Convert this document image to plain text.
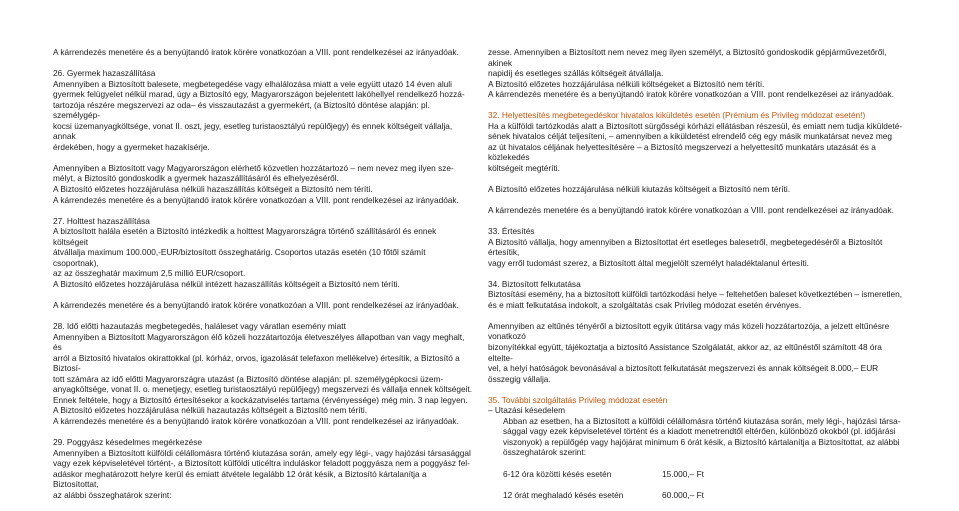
A kárrendezés menetére és a benyújtandó iratok körére vonatkozóan a VIII. pont rendelkezései az irányadóak.

26. Gyermek hazaszállítása

Amennyiben a Biztosított balesete, megbetegedése vagy elhalálozása miatt a vele együtt utazó 14 éven aluli
gyermek felügyelet nélkül marad, úgy a Biztosító egy, Magyarországon bejelentett lakóhellyel rendelkező hozzá-
tartozója részére megszervezi az oda– és visszautazást a gyermekért, (a Biztosító döntése alapján: pl. személygép-
kocsi üzemanyagköltsége, vonat II. oszt, jegy, esetleg turistaosztályú repülőjegy) és ennek költségeit vállalja, annak
érdekében, hogy a gyermeket hazakísérje.

Amennyiben a Biztosított vagy Magyarországon elérhető közvetlen hozzátartozó – nem nevez meg ilyen sze-
mélyt, a Biztosító gondoskodik a gyermek hazaszállításáról és elhelyezéséről.
A Biztosító előzetes hozzájárulása nélküli hazaszállítás költségeit a Biztosító nem téríti.
A kárrendezés menetére és a benyújtandó iratok körére vonatkozóan a VIII. pont rendelkezései az irányadóak.

27. Holttest hazaszállítása

A biztosított halála esetén a Biztosító intézkedik a holttest Magyarországra történő szállításáról és ennek költségeit
átvállalja maximum 100.000,-EUR/biztosított összeghatárig. Csoportos utazás esetén (10 főtől számít csoportnak),
az az összeghatár maximum 2,5 millió EUR/csoport.
A Biztosító előzetes hozzájárulása nélkül intézett hazaszállítás költségeit a Biztosító nem téríti.

A kárrendezés menetére és a benyújtandó iratok körére vonatkozóan a VIII. pont rendelkezései az irányadóak.

28. Idő előtti hazautazás megbetegedés, haláleset vagy váratlan esemény miatt

Amennyiben a Biztosított Magyarországon élő közeli hozzátartozója életveszélyes állapotban van vagy meghalt, és
arról a Biztosító hivatalos okirattokkal (pl. kórház, orvos, igazolását telefaxon mellékelve) értesítik, a Biztosító a Biztosí-
tott számára az idő előtti Magyarországra utazást (a Biztosító döntése alapján: pl. személygépkocsi üzem-
anyagköltsége, vonat II. o. menetjegy, esetleg turistaosztályú repülőjegy) megszervezi és vállalja ennek költségeit.
Ennek feltétele, hogy a Biztosító értesítésekor a kockázatviselés tartama (érvényessége) még min. 3 nap legyen.
A Biztosító előzetes hozzájárulása nélküli hazautazás költségeit a Biztosító nem téríti.
A kárrendezés menetére és a benyújtandó iratok körére vonatkozóan a VIII. pont rendelkezései az irányadóak.

29. Poggyász késedelmes megérkezése

Amennyiben a Biztosított külföldi célállomásra történő kiutazása során, amely egy légi-, vagy hajózási társasággal
vagy ezek képviseletével történt-, a Biztosított külföldi uticéltra induláskor feladott poggyásza nem a poggyász fel-
adáskor meghatározott helyre kerül és emiatt átvétele legalább 12 órát késik, a Biztosító kártalanítja a Biztosítottat,
az alábbi összeghatárok szerint:

zesse. Amennyiben a Biztosított nem nevez meg ilyen személyt, a Biztosító gondoskodik gépjárművezetőről, akinek
napidíj és esetleges szállás költségeit átvállalja.
A Biztosító előzetes hozzájárulása nélküli költségeket a Biztosító nem téríti.
A kárrendezés menetére és a benyújtandó iratok körére vonatkozóan a VIII. pont rendelkezései az irányadóak.

32. Helyettesítés megbetegedéskor hivatalos kiküldetés esetén (Prémium és Privileg módozat esetén!)

Ha a külföldi tartózkodás alatt a Biztosított sürgősségi kórházi ellátásban részesül, és emiatt nem tudja kiküldeté-
sének hivatalos célját teljesíteni, – amennyiben a kiküldetést elrendelő cég egy másik munkatársat nevez meg
az út hivatalos céljának helyettesítésére – a Biztosító megszervezi a helyettesítő munkatárs utazását és a közlekedés
költségeit megtéríti.

A Biztosító előzetes hozzájárulása nélküli kiutazás költségeit a Biztosító nem téríti.

A kárrendezés menetére és a benyújtandó iratok körére vonatkozóan a VIII. pont rendelkezései az irányadóak.

33. Értesítés

A Biztosító vállalja, hogy amennyiben a Biztosítottat ért esetleges balesetről, megbetegedéséről a Biztosítót értesítik,
vagy erről tudomást szerez, a Biztosított által megjelölt személyt haladéktalanul értesíti.

34. Biztosított felkutatása

Biztosítási esemény, ha a biztosított külföldi tartózkodási helye – feltehetően baleset következtében – ismeretlen,
és e miatt felkutatása indokolt, a szolgáltatás csak Privileg módozat esetén érvényes.

Amennyiben az eltűnés tényéről a biztosított egyik útitársa vagy más közeli hozzátartozója, a jelzett eltűnésre vonatkozó
bizonyítékkal együtt, tájékoztatja a biztosító Assistance Szolgálatát, akkor az, az eltűnéstől számított 48 óra eltelte-
vel, a helyi hatóságok bevonásával a biztosított felkutatását megszervezi és annak költségeit 8.000,– EUR összegig vállalja.

35. További szolgáltatás Privileg módozat esetén

– Utazási késedelem

Abban az esetben, ha a Biztosított a külföldi célállomásra történő kiutazása során, mely légi-, hajózási társa-
sággal vagy ezek képviseletével történt és a kiadott menetrendtől eltérően, különböző okokból (pl. időjárási
viszonyok) a repülőgép vagy hajójárat minimum 6 órát késik, a Biztosító kártalanítja a Biztosítottat, az alábbi
összeghatárok szerint:

6-12 óra közötti késés esetén	15.000,– Ft

12 órát meghaladó késés esetén	60.000,– Ft
